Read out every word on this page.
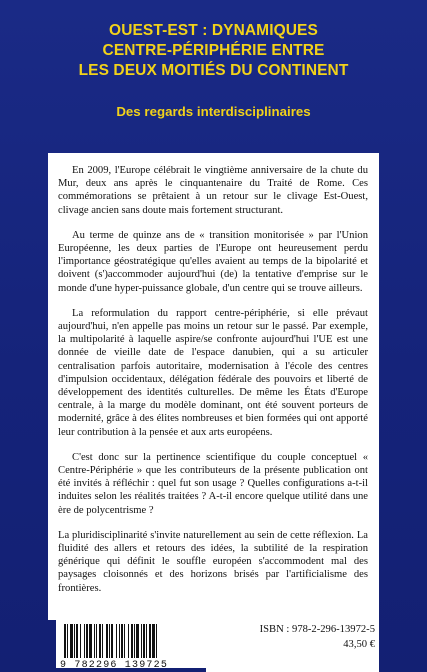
OUEST-EST : DYNAMIQUES
CENTRE-PÉRIPHÉRIE ENTRE
LES DEUX MOITIÉS DU CONTINENT
Des regards interdisciplinaires

En 2009, l'Europe célébrait le vingtième anniversaire de la chute du Mur, deux ans après le cinquantenaire du Traité de Rome. Ces commémorations se prêtaient à un retour sur le clivage Est-Ouest, clivage ancien sans doute mais fortement structurant.

Au terme de quinze ans de « transition monitorisée » par l'Union Européenne, les deux parties de l'Europe ont heureusement perdu l'importance géostratégique qu'elles avaient au temps de la bipolarité et doivent (s')accommoder aujourd'hui (de) la tentative d'emprise sur le monde d'une hyper-puissance globale, d'un centre qui se trouve ailleurs.

La reformulation du rapport centre-périphérie, si elle prévaut aujourd'hui, n'en appelle pas moins un retour sur le passé. Par exemple, la multipolarité à laquelle aspire/se confronte aujourd'hui l'UE est une donnée de vieille date de l'espace danubien, qui a su articuler centralisation parfois autoritaire, modernisation à l'école des centres d'impulsion occidentaux, délégation fédérale des pouvoirs et liberté de développement des identités culturelles. De même les États d'Europe centrale, à la marge du modèle dominant, ont été souvent porteurs de modernité, grâce à des élites nombreuses et bien formées qui ont apporté leur contribution à la pensée et aux arts européens.

C'est donc sur la pertinence scientifique du couple conceptuel « Centre-Périphérie » que les contributeurs de la présente publication ont été invités à réfléchir : quel fut son usage ? Quelles configurations a-t-il induites selon les réalités traitées ? A-t-il encore quelque utilité dans une ère de polycentrisme ?

La pluridisciplinarité s'invite naturellement au sein de cette réflexion. La fluidité des allers et retours des idées, la subtilité de la respiration générique qui définit le souffle européen s'accommodent mal des paysages cloisonnés et des horizons brisés par l'artificialisme des frontières.

9 782296 139725
ISBN : 978-2-296-13972-5
43,50 €
